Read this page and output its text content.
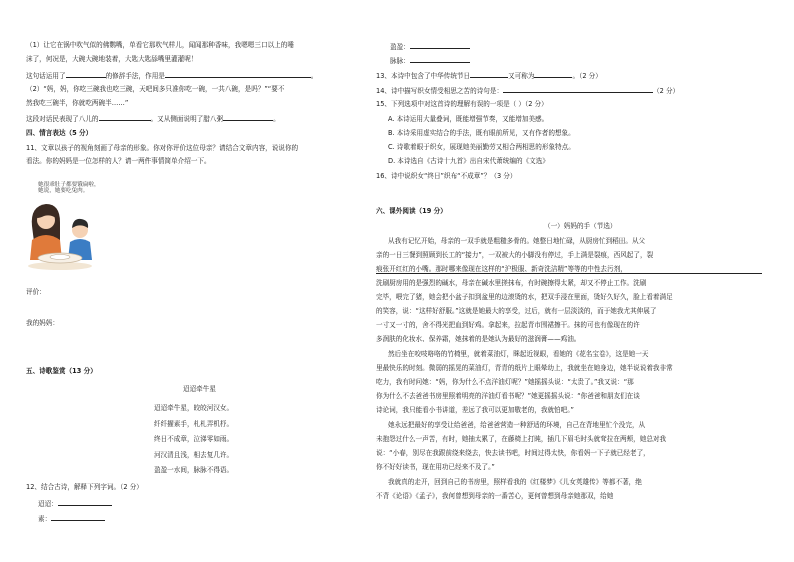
（1）让它在锅中吹气似的佛鹦嘴，单看它那吹气样儿，闻闻那种香味，我嗯嗯三口以上的唾
沫了，何况是，大碗大碗地装着，大匙大匙舔嘴里灌灌呢！
这句话运用了	的修辞手法，作用是	。
（2）“妈，妈，你吃三碗我也吃三碗，天吧间多只准你吃一碗，一共八碗，是吗？”“要不
然我吃三碗半，你就吃两碗半……”
这段对话民表现了八儿的	。又从侧面说明了腊八粥	。
四、情言表达（5 分）
11、文章以孩子的视角刻画了母亲的形象。你对你评价这位母亲？请结合文章内容，说说你的
看法。你的妈妈是一位怎样的人？请一两件事情简单介绍一下。
她很乖肚子都要饿扁啦，
她说，她要吃兔肉。
评价：
我的妈妈：
五、诗歌鉴赏（13 分）
迢迢牵牛星
迢迢牵牛星，皎皎河汉女。
纤纤擢素手，札札弄机杼。
终日不成章，泣涕零如雨。
河汉清且浅，相去复几许。
盈盈一水间，脉脉不得语。
12、结合古诗，解释下列字词。（2 分）
迢迢：
素：
盈盈：
脉脉：
13、本诗中包含了中华传统节日	又可称为	。（2 分）
14、诗中描写织女情受相思之苦的诗句是：	（2 分）
15、下列选项中对这首诗的理解有误的一项是（ ）（2 分）
A. 本诗运用大量叠词，既能增强节奏，又能增加美感。
B. 本诗采用虚实结合的手法，既有眼前所见，又有作者的想象。
C. 诗歌着眼于织女，展现她美丽勤劳又相合两相思的形象特点。
D. 本诗选自《古诗十九首》出自宋代萧统编的《文选》
16、诗中说织女“终日”织布“不成章”？（3 分）
六、课外阅读（19 分）
（一）妈妈的手（节选）
从我有记忆开始，母亲的一双手就是粗糙多骨的。她整日地忙碌，从厨房忙到稻田。从父
亲的一日三餐到照顾到长工的“接力”，一双被大的小脚没有停过，手上满是裂痕，西风起了，裂
痕张开红红的小嘴。那时哪来像现在这样的“沪极服、新奇洗洁精”等等的中性去污剂，
洗刷厨房用的是强烈的碱水，母亲在碱水里搓抹布，有时碗擦得太紧，却又不停止工作。洗刷
完毕，喂完了猪，她会把小盆子扣到盆里的边滚烫的水，把双手浸在里面，烫好久好久，脸上看着满足
的笑容，说：“这样好舒服。”这就是她最大的享受，过后，就有一层淡淡的，而于她我尤其伸展了
一寸又一寸的，舍不得光把血到好鸡。拿起来，拉起青市围裙擦干。抹的可也有像现在的许
多润肤的化妆水、保养霜，她抹着的是她认为最好的滋润膏——鸡油。
然后坐在咬吱咯咯的竹椅里，就着菜油灯，眯起近视眼，看她的《花名宝卷》，这是她一天
里最快乐的时刻。微弱的摇晃的菜油灯，青青的纸片上眼晕幼上，我就坐在她身边，她半说说着我非常
吃力，我有时问她：“妈，你为什么不点洋油灯呢？”她摇摇头说：“太贵了。”我又说：“那
你为什么不去爸爸书房里照着明亮的洋油灯看书呢？”她更摇摇头说：“你爸爸和朋友们在谈
诗论词，我只能看小书讲道，差远了我可以更加敬老的，我就怕吧。”
她永远把最好的享受让给爸爸，给爸爸营造一种舒适的环境，自己在背地里忙个没完，从
未抱怨过什么一声苦，有时，她抽太累了，在藤椅上打盹，插几下眉毛时头就耷拉在两颊，她总对我
说：“小春，别尽在我跟前绕来绕去，快去读书吧，时间过得太快，你看妈一下子就已经老了，
你不好好读书，现在用功已经来不及了。”
我就真的走开，回到自己的书房里，照样看我的《红楼梦》《儿女英雄传》等都不著，绝
不背《论语》《孟子》，我何曾想到母亲的一番苦心，更何曾想到母亲她那双，给她
